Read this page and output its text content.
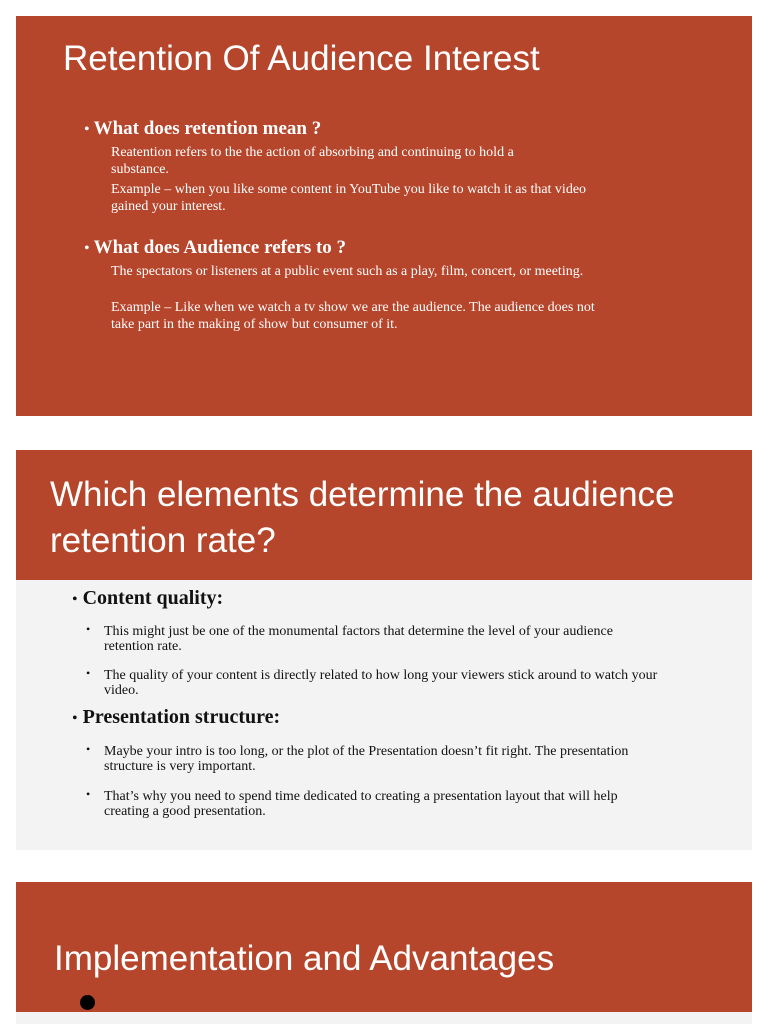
Retention Of Audience Interest
• What does retention mean ?
Reatention refers to the the action of absorbing and continuing to hold a substance.
Example – when you like some content in YouTube you like to watch it as that video gained your interest.
• What does Audience refers to ?
The spectators or listeners at a public event such as a play, film, concert, or meeting.
Example – Like when we watch a tv show we are the audience. The audience does not take part in the making of show but consumer of it.
Which elements determine the audience retention rate?
• Content quality:
• This might just be one of the monumental factors that determine the level of your audience retention rate.
• The quality of your content is directly related to how long your viewers stick around to watch your video.
• Presentation structure:
• Maybe your intro is too long, or the plot of the Presentation doesn’t fit right. The presentation structure is very important.
• That’s why you need to spend time dedicated to creating a presentation layout that will help creating a good presentation.
Implementation and Advantages
